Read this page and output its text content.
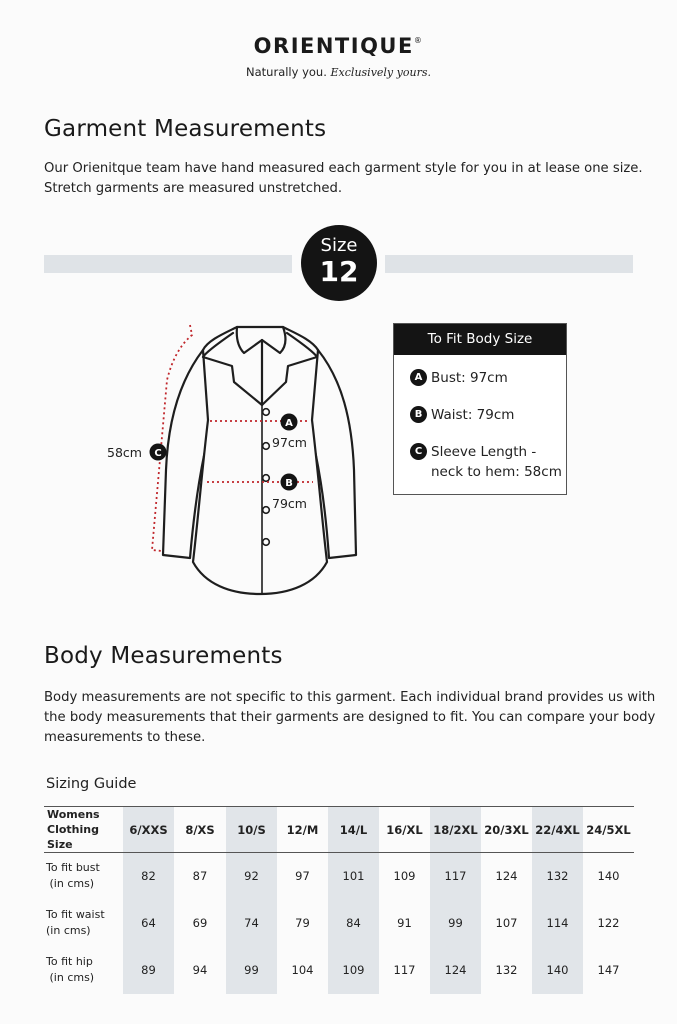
ORIENTIQUE®
Naturally you. Exclusively yours.
Garment Measurements
Our Orienitque team have hand measured each garment style for you in at lease one size.
Stretch garments are measured unstretched.
Size
12
A
B
C
97cm
79cm
58cm
To Fit Body Size
A Bust: 97cm
B Waist: 79cm
C Sleeve Length -
neck to hem: 58cm
Body Measurements
Body measurements are not specific to this garment. Each individual brand provides us with
the body measurements that their garments are designed to fit. You can compare your body
measurements to these.
Sizing Guide
Womens
Clothing Size	6/XXS	8/XS	10/S	12/M	14/L	16/XL	18/2XL	20/3XL	22/4XL	24/5XL
To fit bust
(in cms)	82	87	92	97	101	109	117	124	132	140
To fit waist
(in cms)	64	69	74	79	84	91	99	107	114	122
To fit hip
(in cms)	89	94	99	104	109	117	124	132	140	147
